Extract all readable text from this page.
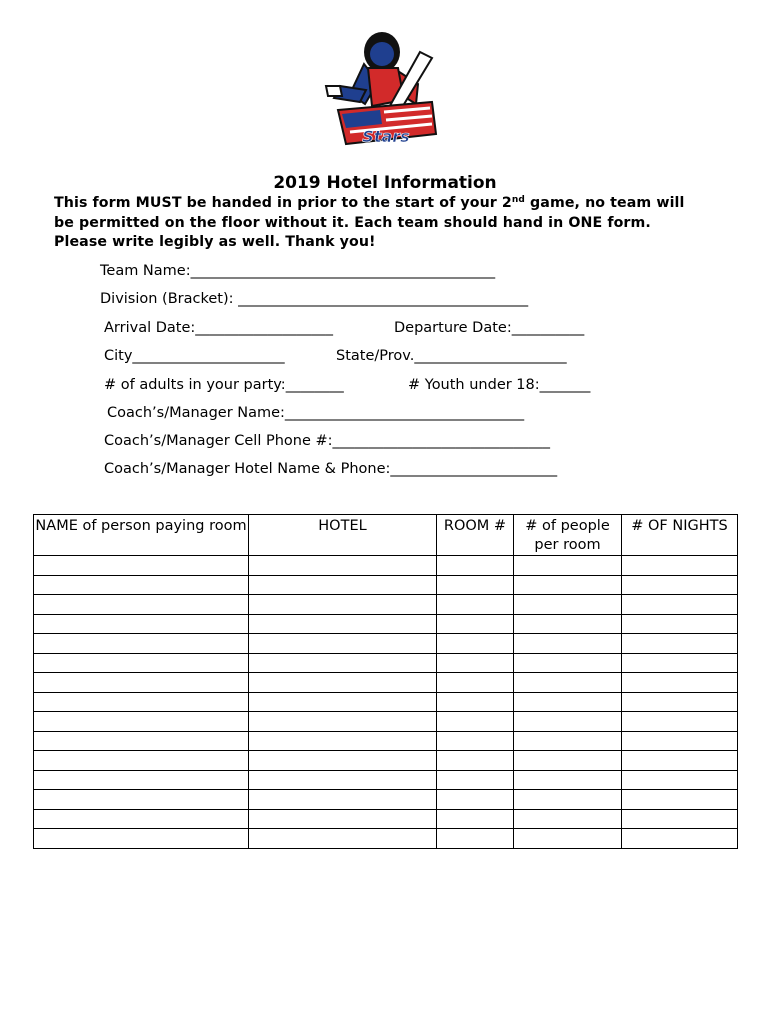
Stars
2019 Hotel Information
This form MUST be handed in prior to the start of your 2nd game, no team will
be permitted on the floor without it. Each team should hand in ONE form.
Please write legibly as well. Thank you!
Team Name:__________________________________________
Division (Bracket): ________________________________________
Arrival Date:___________________	Departure Date:__________
City_____________________	State/Prov._____________________
# of adults in your party:________	# Youth under 18:_______
Coach’s/Manager Name:_________________________________
Coach’s/Manager Cell Phone #:______________________________
Coach’s/Manager Hotel Name & Phone:_______________________
NAME of person paying room	HOTEL	ROOM #	# of people per room	# OF NIGHTS
